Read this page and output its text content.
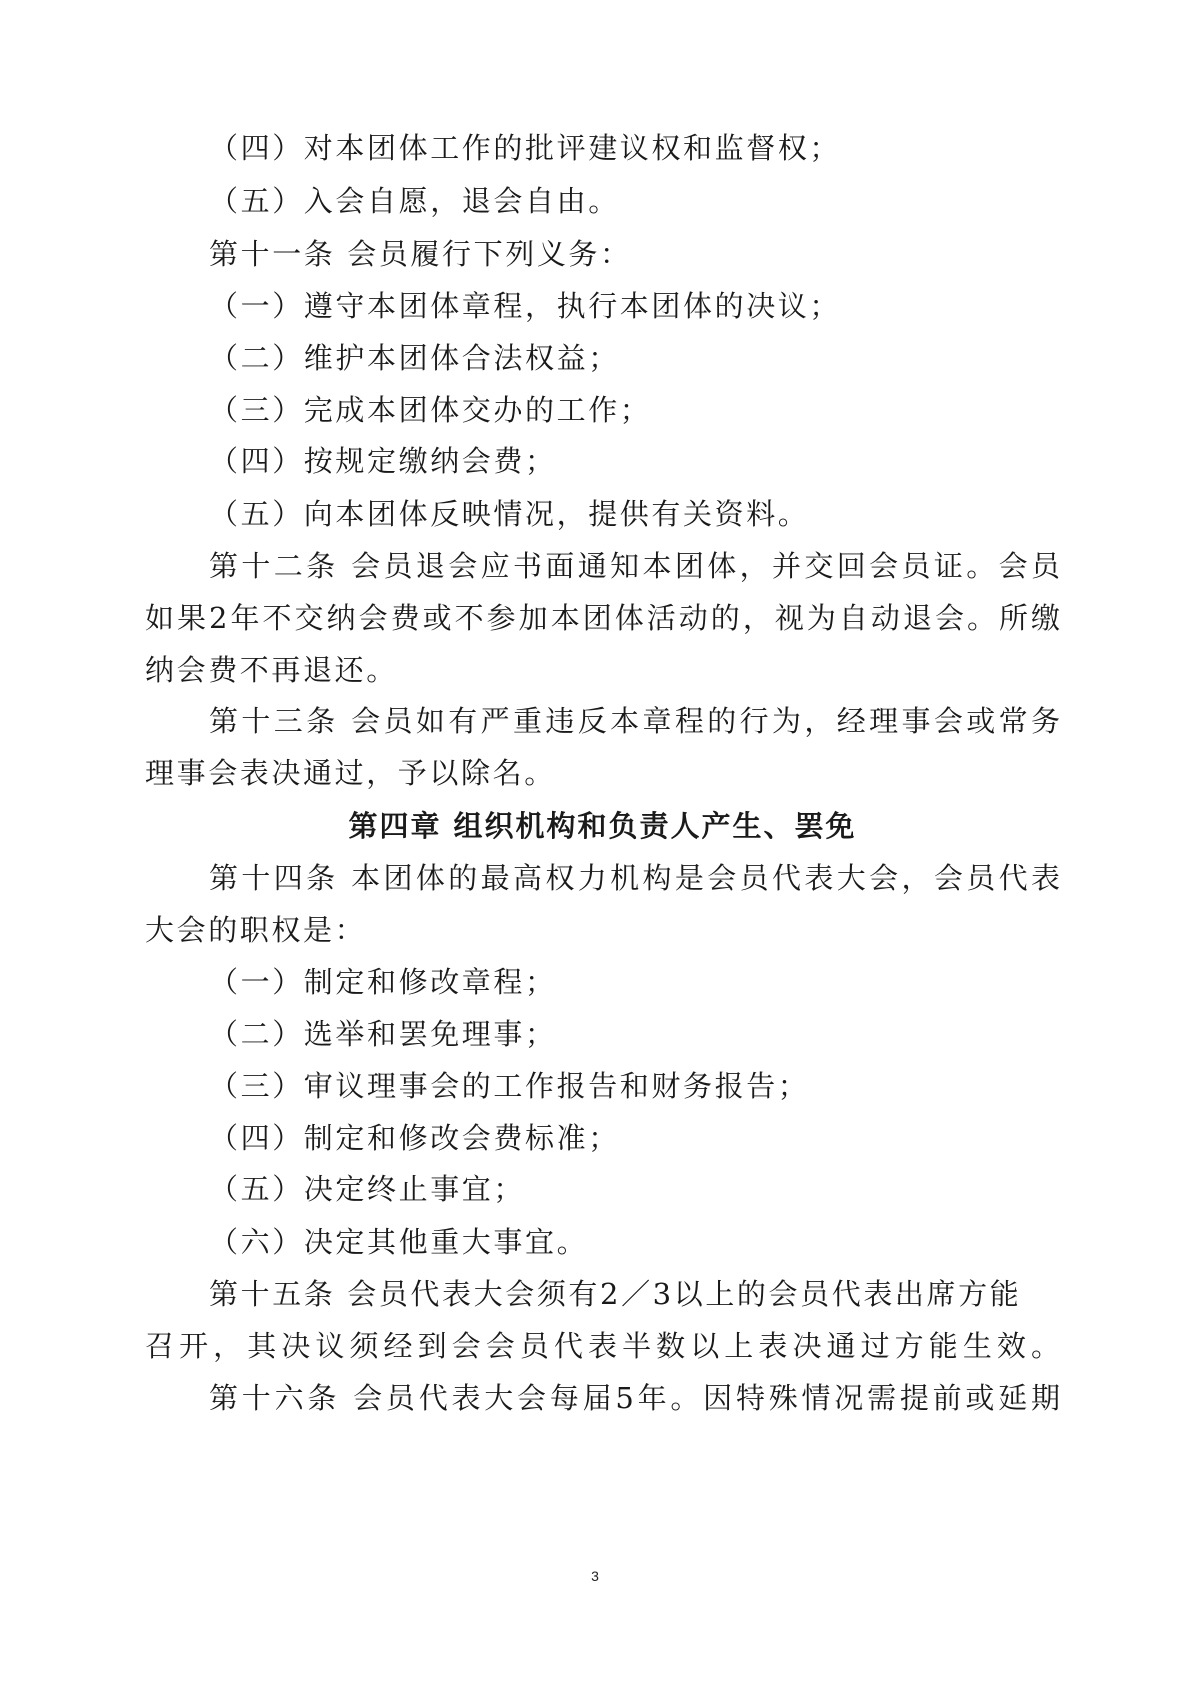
（四）对本团体工作的批评建议权和监督权；
（五）入会自愿，退会自由。
第十一条 会员履行下列义务：
（一）遵守本团体章程，执行本团体的决议；
（二）维护本团体合法权益；
（三）完成本团体交办的工作；
（四）按规定缴纳会费；
（五）向本团体反映情况，提供有关资料。
第十二条 会员退会应书面通知本团体，并交回会员证。会员
如果2年不交纳会费或不参加本团体活动的，视为自动退会。所缴
纳会费不再退还。
第十三条 会员如有严重违反本章程的行为，经理事会或常务
理事会表决通过，予以除名。
第四章 组织机构和负责人产生、罢免
第十四条 本团体的最高权力机构是会员代表大会，会员代表
大会的职权是：
（一）制定和修改章程；
（二）选举和罢免理事；
（三）审议理事会的工作报告和财务报告；
（四）制定和修改会费标准；
（五）决定终止事宜；
（六）决定其他重大事宜。
第十五条 会员代表大会须有2／3以上的会员代表出席方能
召开，其决议须经到会会员代表半数以上表决通过方能生效。
第十六条 会员代表大会每届5年。因特殊情况需提前或延期
3
